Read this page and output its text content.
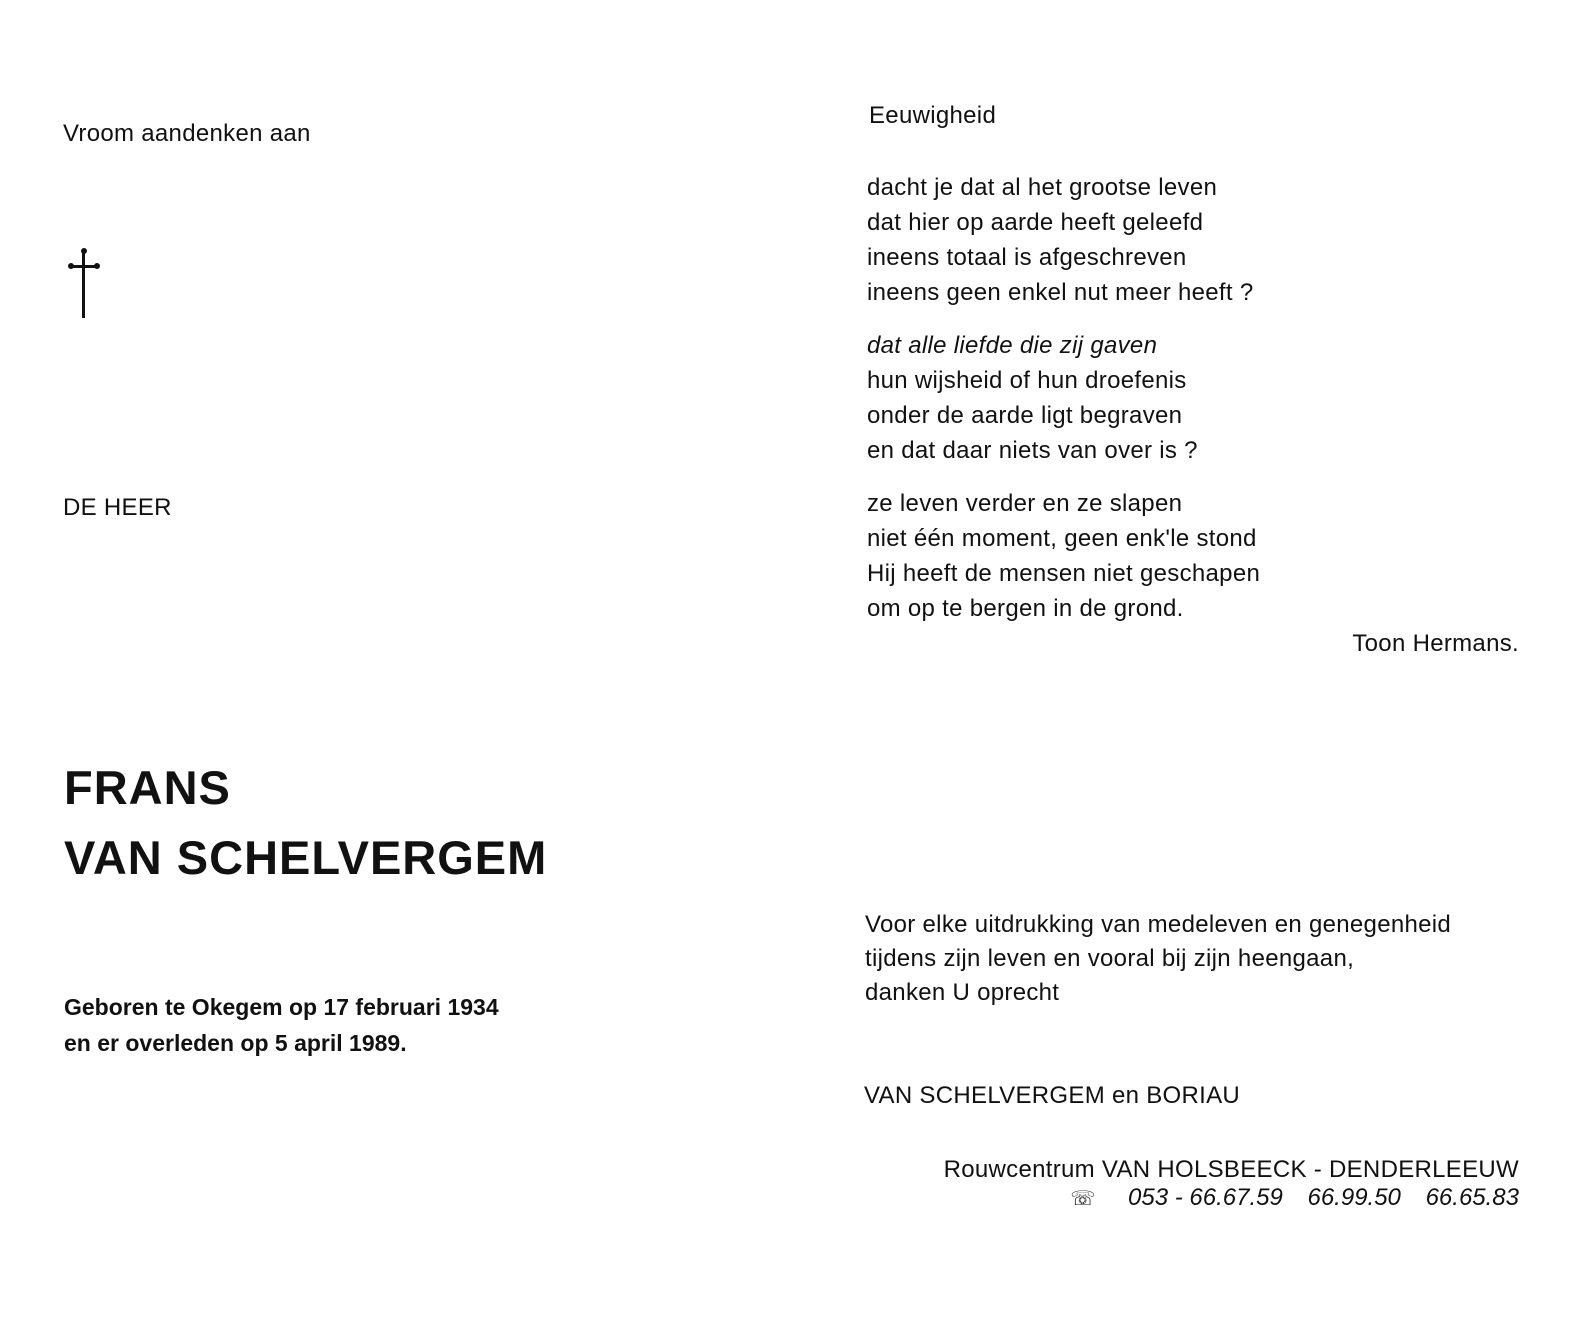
Vroom aandenken aan
DE HEER
FRANS
VAN SCHELVERGEM
Geboren te Okegem op 17 februari 1934
en er overleden op 5 april 1989.
Eeuwigheid
dacht je dat al het grootse leven
dat hier op aarde heeft geleefd
ineens totaal is afgeschreven
ineens geen enkel nut meer heeft ?
dat alle liefde die zij gaven
hun wijsheid of hun droefenis
onder de aarde ligt begraven
en dat daar niets van over is ?
ze leven verder en ze slapen
niet één moment, geen enk'le stond
Hij heeft de mensen niet geschapen
om op te bergen in de grond.
Toon Hermans.
Voor elke uitdrukking van medeleven en genegenheid
tijdens zijn leven en vooral bij zijn heengaan,
danken U oprecht
VAN SCHELVERGEM en BORIAU
Rouwcentrum VAN HOLSBEECK - DENDERLEEUW
☏ 053 - 66.67.59 66.99.50 66.65.83
